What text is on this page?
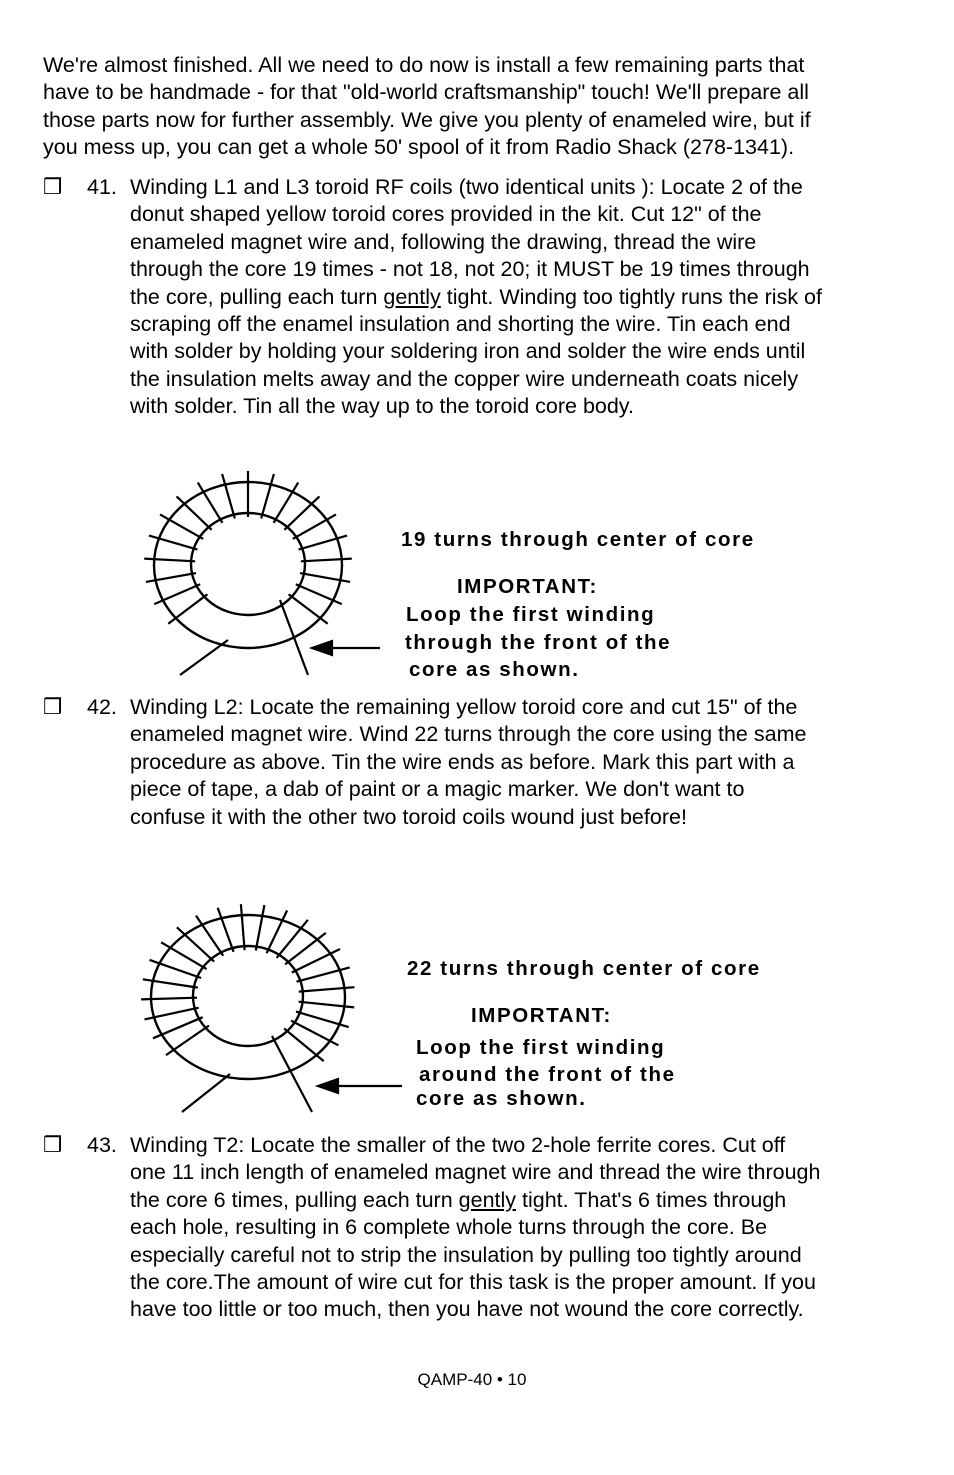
We're almost finished. All we need to do now is install a few remaining parts that
have to be handmade - for that "old-world craftsmanship" touch! We'll prepare all
those parts now for further assembly. We give you plenty of enameled wire, but if
you mess up, you can get a whole 50' spool of it from Radio Shack (278-1341).
❒	41. Winding L1 and L3 toroid RF coils (two identical units ): Locate 2 of the
donut shaped yellow toroid cores provided in the kit. Cut 12" of the
enameled magnet wire and, following the drawing, thread the wire
through the core 19 times - not 18, not 20; it MUST be 19 times through
the core, pulling each turn gently tight. Winding too tightly runs the risk of
scraping off the enamel insulation and shorting the wire. Tin each end
with solder by holding your soldering iron and solder the wire ends until
the insulation melts away and the copper wire underneath coats nicely
with solder. Tin all the way up to the toroid core body.
19 turns through center of core
IMPORTANT:
Loop the first winding
through the front of the
core as shown.
❒	42. Winding L2: Locate the remaining yellow toroid core and cut 15" of the
enameled magnet wire. Wind 22 turns through the core using the same
procedure as above. Tin the wire ends as before. Mark this part with a
piece of tape, a dab of paint or a magic marker. We don't want to
confuse it with the other two toroid coils wound just before!
22 turns through center of core
IMPORTANT:
Loop the first winding
around the front of the
core as shown.
❒	43. Winding T2: Locate the smaller of the two 2-hole ferrite cores. Cut off
one 11 inch length of enameled magnet wire and thread the wire through
the core 6 times, pulling each turn gently tight. That's 6 times through
each hole, resulting in 6 complete whole turns through the core. Be
especially careful not to strip the insulation by pulling too tightly around
the core.The amount of wire cut for this task is the proper amount. If you
have too little or too much, then you have not wound the core correctly.
QAMP-40 • 10
